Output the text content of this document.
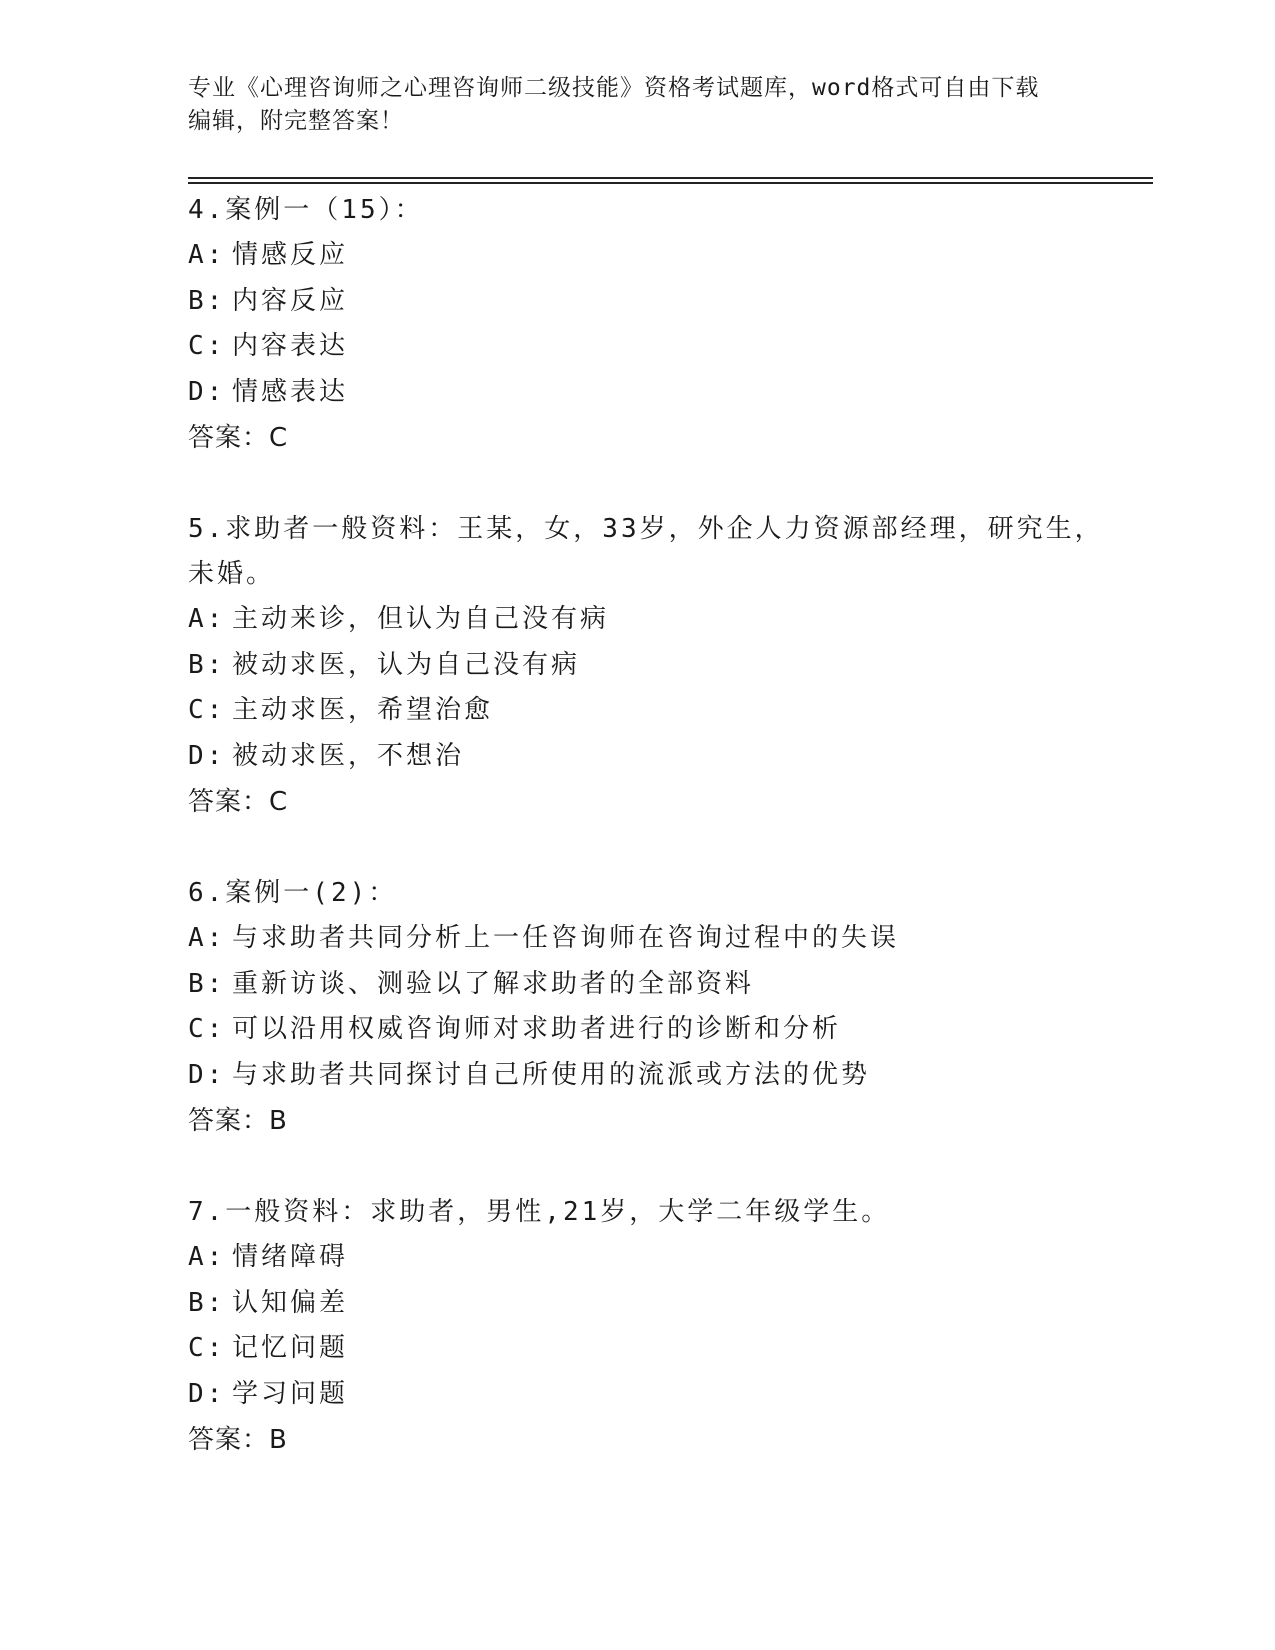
专业《心理咨询师之心理咨询师二级技能》资格考试题库，word格式可自由下载
编辑，附完整答案！
4.案例一（15）：
A: 情感反应
B: 内容反应
C: 内容表达
D: 情感表达
答案：C
5.求助者一般资料：王某，女，33岁，外企人力资源部经理，研究生，未婚。
A: 主动来诊，但认为自己没有病
B: 被动求医，认为自己没有病
C: 主动求医，希望治愈
D: 被动求医，不想治
答案：C
6.案例一(2)：
A: 与求助者共同分析上一任咨询师在咨询过程中的失误
B: 重新访谈、测验以了解求助者的全部资料
C: 可以沿用权威咨询师对求助者进行的诊断和分析
D: 与求助者共同探讨自己所使用的流派或方法的优势
答案：B
7.一般资料：求助者，男性,21岁，大学二年级学生。
A: 情绪障碍
B: 认知偏差
C: 记忆问题
D: 学习问题
答案：B
